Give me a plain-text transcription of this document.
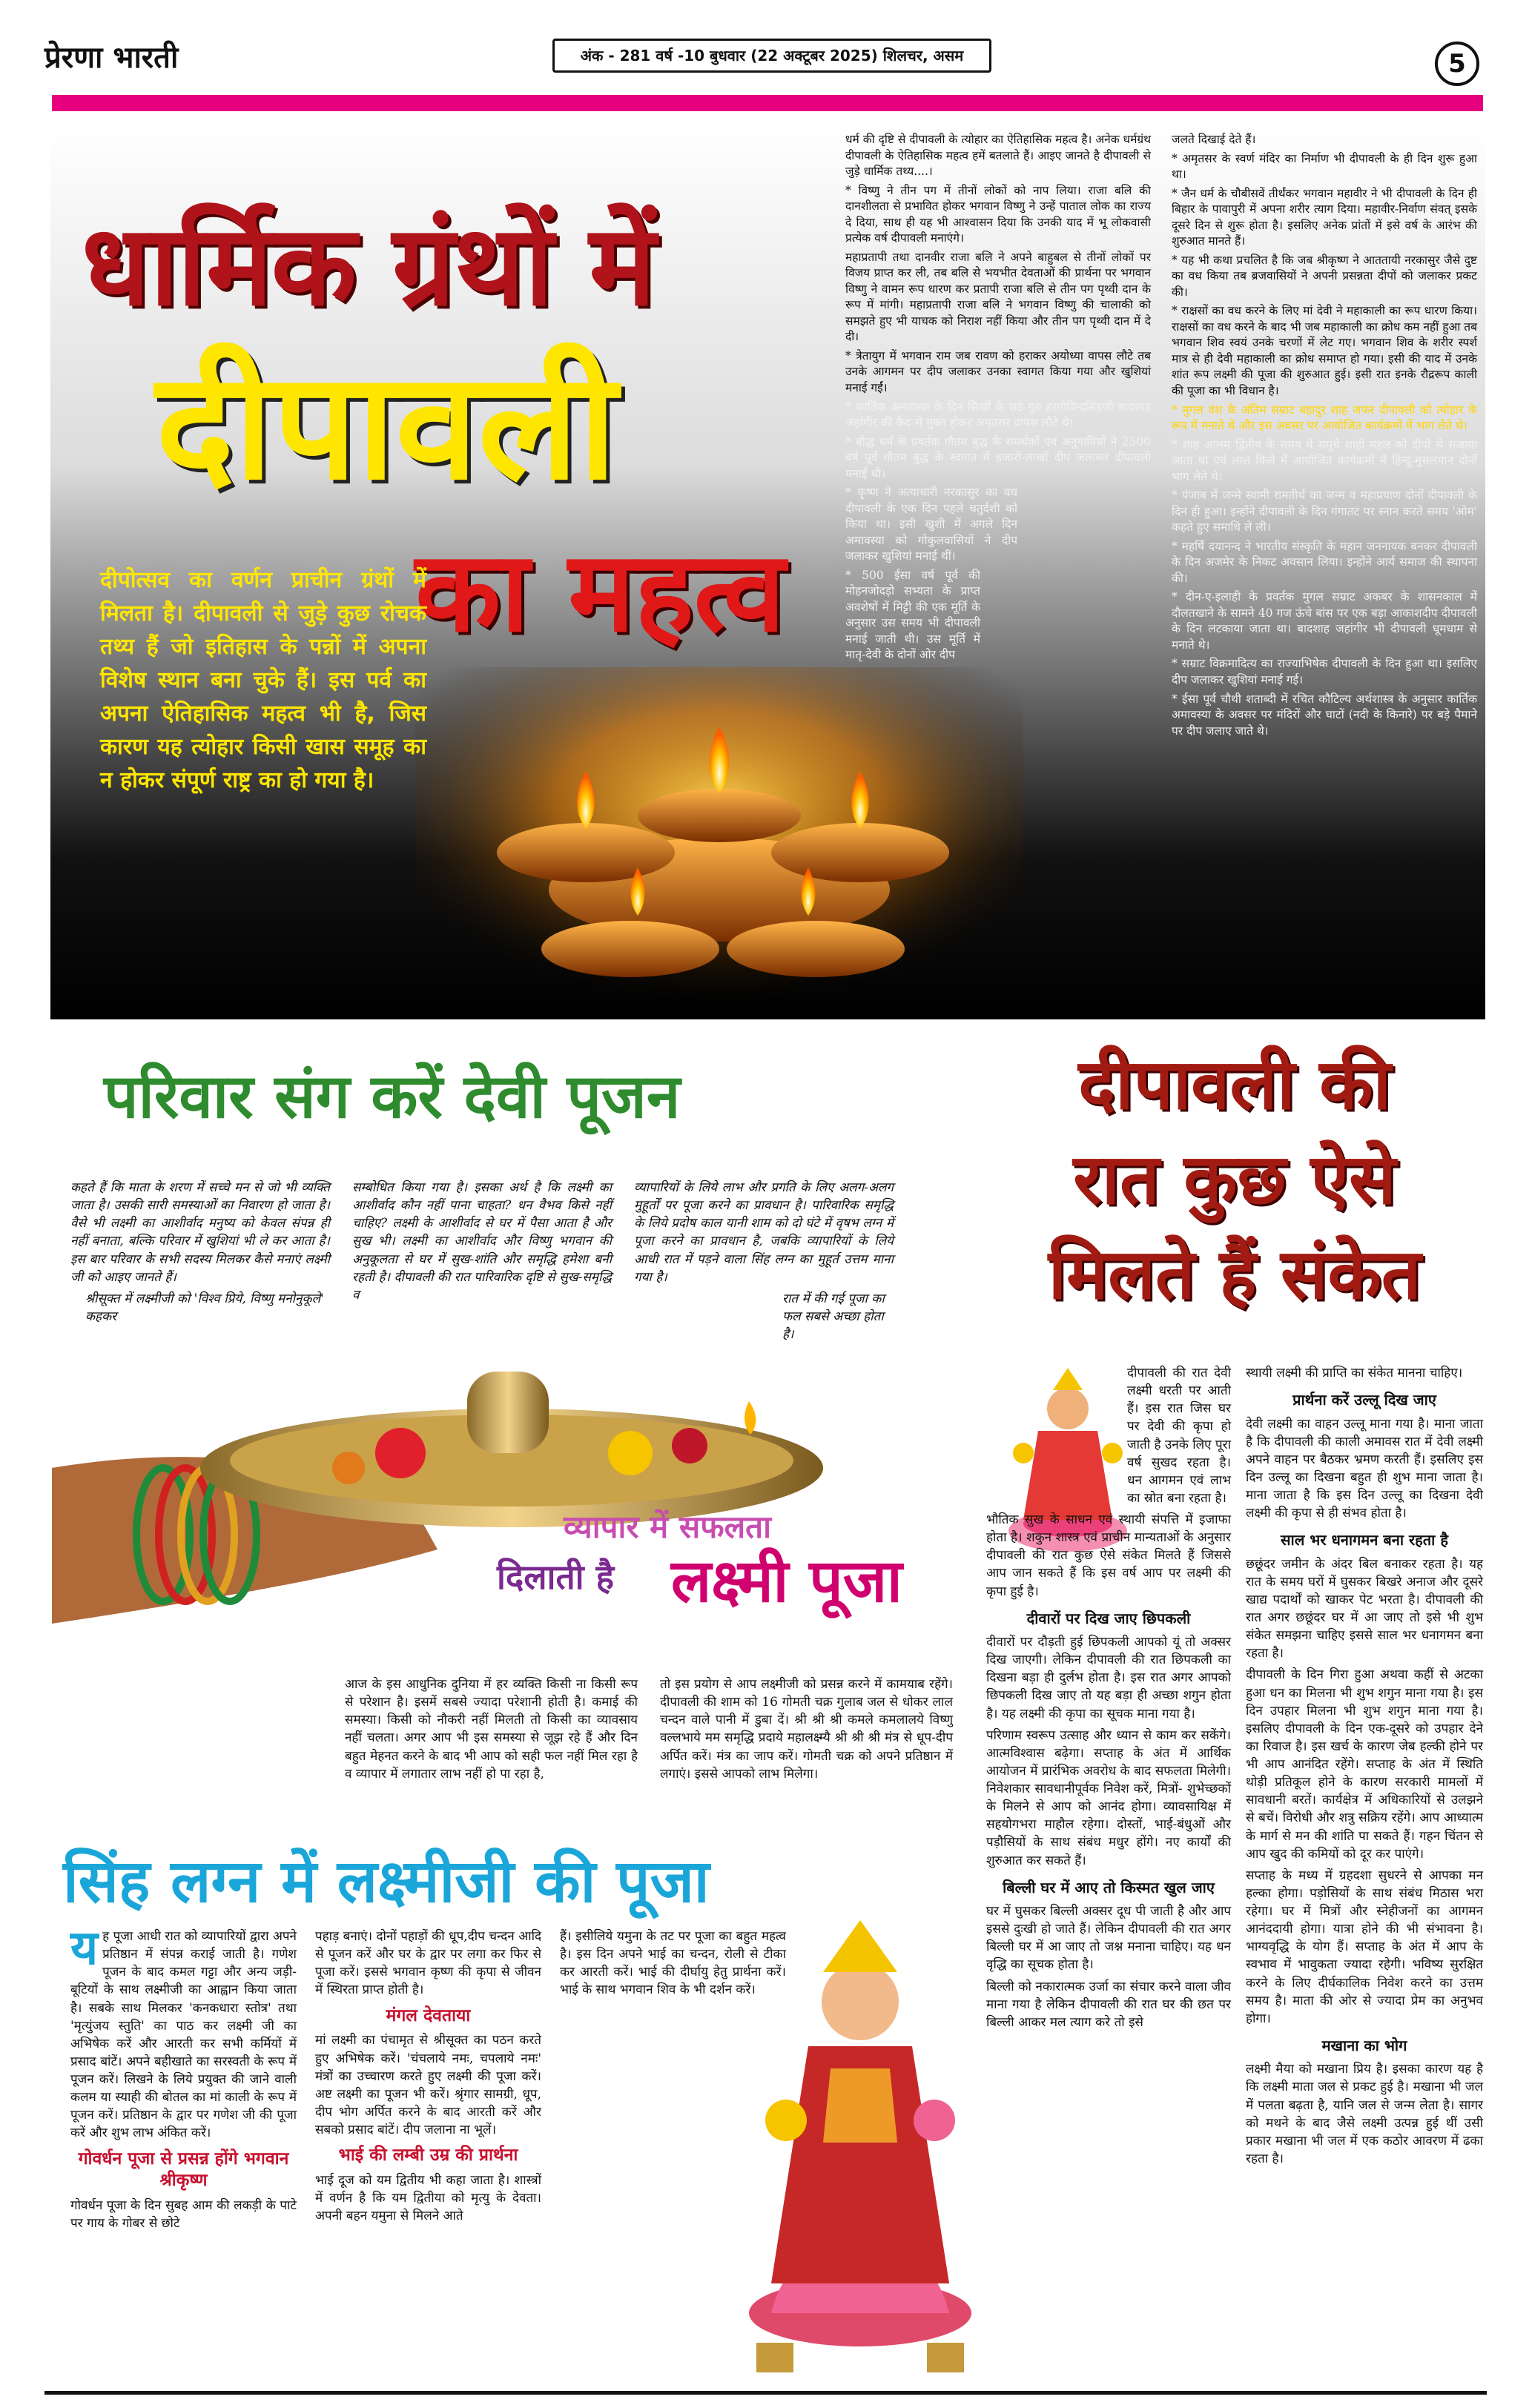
प्रेरणा भारती	अंक - 281 वर्ष -10 बुधवार (22 अक्टूबर 2025) शिलचर, असम	5
धार्मिक ग्रंथों में
दीपावली
का महत्व
दीपोत्सव का वर्णन प्राचीन ग्रंथों में मिलता है। दीपावली से जुड़े कुछ रोचक तथ्य हैं जो इतिहास के पन्नों में अपना विशेष स्थान बना चुके हैं। इस पर्व का अपना ऐतिहासिक महत्व भी है, जिस कारण यह त्योहार किसी खास समूह का न होकर संपूर्ण राष्ट्र का हो गया है।

धर्म की दृष्टि से दीपावली के त्योहार का ऐतिहासिक महत्व है। अनेक धर्मग्रंथ दीपावली के ऐतिहासिक महत्व हमें बतलाते हैं। आइए जानते है दीपावली से जुड़े धार्मिक तथ्य....।

* विष्णु ने तीन पग में तीनों लोकों को नाप लिया। राजा बलि की दानशीलता से प्रभावित होकर भगवान विष्णु ने उन्हें पाताल लोक का राज्य दे दिया, साथ ही यह भी आश्वासन दिया कि उनकी याद में भू लोकवासी प्रत्येक वर्ष दीपावली मनाएंगे।

महाप्रतापी तथा दानवीर राजा बलि ने अपने बाहुबल से तीनों लोकों पर विजय प्राप्त कर ली, तब बलि से भयभीत देवताओं की प्रार्थना पर भगवान विष्णु ने वामन रूप धारण कर प्रतापी राजा बलि से तीन पग पृथ्वी दान के रूप में मांगी। महाप्रतापी राजा बलि ने भगवान विष्णु की चालाकी को समझते हुए भी याचक को निराश नहीं किया और तीन पग पृथ्वी दान में दे दी।

* त्रेतायुग में भगवान राम जब रावण को हराकर अयोध्या वापस लौटे तब उनके आगमन पर दीप जलाकर उनका स्वागत किया गया और खुशियां मनाई गईं।

* कार्तिक अमावस्या के दिन सिखों के छठे गुरु हरगोविन्दसिंहजी बादशाह जहांगीर की कैद से मुक्त होकर अमृतसर वापस लौटे थे।

* बौद्ध धर्म के प्रवर्तक गौतम बुद्ध के समर्थकों एवं अनुयायियों ने 2500 वर्ष पूर्व गौतम बुद्ध के स्वागत में हजारों-लाखों दीप जलाकर दीपावली मनाई थी।

* कृष्ण ने अत्याचारी नरकासुर का वध दीपावली के एक दिन पहले चतुर्दशी को किया था। इसी खुशी में अगले दिन अमावस्या को गोकुलवासियों ने दीप जलाकर खुशियां मनाई थीं।

* 500 ईसा वर्ष पूर्व की मोहनजोदड़ो सभ्यता के प्राप्त अवशेषों में मिट्टी की एक मूर्ति के अनुसार उस समय भी दीपावली मनाई जाती थी। उस मूर्ति में मातृ-देवी के दोनों ओर दीप

जलते दिखाई देते हैं।

* अमृतसर के स्वर्ण मंदिर का निर्माण भी दीपावली के ही दिन शुरू हुआ था।

* जैन धर्म के चौबीसवें तीर्थंकर भगवान महावीर ने भी दीपावली के दिन ही बिहार के पावापुरी में अपना शरीर त्याग दिया। महावीर-निर्वाण संवत्‌ इसके दूसरे दिन से शुरू होता है। इसलिए अनेक प्रांतों में इसे वर्ष के आरंभ की शुरुआत मानते हैं।

* यह भी कथा प्रचलित है कि जब श्रीकृष्ण ने आततायी नरकासुर जैसे दुष्ट का वध किया तब ब्रजवासियों ने अपनी प्रसन्नता दीपों को जलाकर प्रकट की।

* राक्षसों का वध करने के लिए मां देवी ने महाकाली का रूप धारण किया। राक्षसों का वध करने के बाद भी जब महाकाली का क्रोध कम नहीं हुआ तब भगवान शिव स्वयं उनके चरणों में लेट गए। भगवान शिव के शरीर स्पर्श मात्र से ही देवी महाकाली का क्रोध समाप्त हो गया। इसी की याद में उनके शांत रूप लक्ष्मी की पूजा की शुरुआत हुई। इसी रात इनके रौद्ररूप काली की पूजा का भी विधान है।

* मुगल वंश के अंतिम सम्राट बहादुर शाह जफर दीपावली को त्योहार के रूप में मनाते थे और इस अवसर पर आयोजित कार्यक्रमों में भाग लेते थे।

* शाह आलम द्वितीय के समय में समूचे शाही महल को दीपों से सजाया जाता था एवं लाल किले में आयोजित कार्यक्रमों में हिन्दू-मुसलमान दोनों भाग लेते थे।

* पंजाब में जन्मे स्वामी रामतीर्थ का जन्म व महाप्रयाण दोनों दीपावली के दिन ही हुआ। इन्होंने दीपावली के दिन गंगातट पर स्नान करते समय 'ओम' कहते हुए समाधि ले ली।

* महर्षि दयानन्द ने भारतीय संस्कृति के महान जननायक बनकर दीपावली के दिन अजमेर के निकट अवसान लिया। इन्होंने आर्य समाज की स्थापना की।

* दीन-ए-इलाही के प्रवर्तक मुगल सम्राट अकबर के शासनकाल में दौलतखाने के सामने 40 गज ऊंचे बांस पर एक बड़ा आकाशदीप दीपावली के दिन लटकाया जाता था। बादशाह जहांगीर भी दीपावली धूमधाम से मनाते थे।

* सम्राट विक्रमादित्य का राज्याभिषेक दीपावली के दिन हुआ था। इसलिए दीप जलाकर खुशियां मनाई गई।

* ईसा पूर्व चौथी शताब्दी में रचित कौटिल्य अर्थशास्त्र के अनुसार कार्तिक अमावस्या के अवसर पर मंदिरों और घाटों (नदी के किनारे) पर बड़े पैमाने पर दीप जलाए जाते थे।

परिवार संग करें देवी पूजन

कहते हैं कि माता के शरण में सच्चे मन से जो भी व्यक्ति जाता है। उसकी सारी समस्याओं का निवारण हो जाता है। वैसे भी लक्ष्मी का आशीर्वाद मनुष्य को केवल संपन्न ही नहीं बनाता, बल्कि परिवार में खुशियां भी ले कर आता है। इस बार परिवार के सभी सदस्य मिलकर कैसे मनाएं लक्ष्मी जी को आइए जानते हैं।

श्रीसूक्त में लक्ष्मीजी को 'विश्व प्रिये, विष्णु मनोनुकूले' कहकर

सम्बोधित किया गया है। इसका अर्थ है कि लक्ष्मी का आशीर्वाद कौन नहीं पाना चाहता? धन वैभव किसे नहीं चाहिए? लक्ष्मी के आशीर्वाद से घर में पैसा आता है और सुख भी। लक्ष्मी का आशीर्वाद और विष्णु भगवान की अनुकूलता से घर में सुख-शांति और समृद्धि हमेशा बनी रहती है। दीपावली की रात पारिवारिक दृष्टि से सुख-समृद्धि व

व्यापारियों के लिये लाभ और प्रगति के लिए अलग-अलग मुहूर्तों पर पूजा करने का प्रावधान है। पारिवारिक समृद्धि के लिये प्रदोष काल यानी शाम को दो घंटे में वृषभ लग्न में पूजा करने का प्रावधान है, जबकि व्यापारियों के लिये आधी रात में पड़ने वाला सिंह लग्न का मुहूर्त उत्तम माना गया है।

रात में की गई पूजा का फल सबसे अच्छा होता है।

व्यापार में सफलता
दिलाती है लक्ष्मी पूजा
आज के इस आधुनिक दुनिया में हर व्यक्ति किसी ना किसी रूप से परेशान है। इसमें सबसे ज्यादा परेशानी होती है। कमाई की समस्या। किसी को नौकरी नहीं मिलती तो किसी का व्यावसाय नहीं चलता। अगर आप भी इस समस्या से जूझ रहे हैं और दिन बहुत मेहनत करने के बाद भी आप को सही फल नहीं मिल रहा है व व्यापार में लगातार लाभ नहीं हो पा रहा है,
तो इस प्रयोग से आप लक्ष्मीजी को प्रसन्न करने में कामयाब रहेंगे। दीपावली की शाम को 16 गोमती चक्र गुलाब जल से धोकर लाल चन्दन वाले पानी में डुबा दें। श्री श्री श्री कमले कमलालये विष्णु वल्लभाये मम समृद्धि प्रदाये महालक्ष्म्यै श्री श्री श्री मंत्र से धूप-दीप अर्पित करें। मंत्र का जाप करें। गोमती चक्र को अपने प्रतिष्ठान में लगाएं। इससे आपको लाभ मिलेगा।
दीपावली की
रात कुछ ऐसे
मिलते हैं संकेत

दीपावली की रात देवी लक्ष्मी धरती पर आती हैं। इस रात जिस घर पर देवी की कृपा हो जाती है उनके लिए पूरा वर्ष सुखद रहता है। धन आगमन एवं लाभ का स्रोत बना रहता है।

भौतिक सुख के साधन एवं स्थायी संपत्ति में इजाफा होता है। शकुन शास्त्र एवं प्राचीन मान्यताओं के अनुसार दीपावली की रात कुछ ऐसे संकेत मिलते हैं जिससे आप जान सकते हैं कि इस वर्ष आप पर लक्ष्मी की कृपा हुई है।

दीवारों पर दिख जाए छिपकली

दीवारों पर दौड़ती हुई छिपकली आपको यूं तो अक्सर दिख जाएगी। लेकिन दीपावली की रात छिपकली का दिखना बड़ा ही दुर्लभ होता है। इस रात अगर आपको छिपकली दिख जाए तो यह बड़ा ही अच्छा शगुन होता है। यह लक्ष्मी की कृपा का सूचक माना गया है।

परिणाम स्वरूप उत्साह और ध्यान से काम कर सकेंगे। आत्मविश्वास बढ़ेगा। सप्ताह के अंत में आर्थिक आयोजन में प्रारंभिक अवरोध के बाद सफलता मिलेगी। निवेशकार सावधानीपूर्वक निवेश करें, मित्रों- शुभेच्छकों के मिलने से आप को आनंद होगा। व्यावसायिक्ष में सहयोगभरा माहौल रहेगा। दोस्तों, भाई-बंधुओं और पड़ौसियों के साथ संबंध मधुर होंगे। नए कार्यों की शुरुआत कर सकते हैं।

बिल्ली घर में आए तो किस्मत खुल जाए

घर में घुसकर बिल्ली अक्सर दूध पी जाती है और आप इससे दुःखी हो जाते हैं। लेकिन दीपावली की रात अगर बिल्ली घर में आ जाए तो जश्न मनाना चाहिए। यह धन वृद्धि का सूचक होता है।

बिल्ली को नकारात्मक उर्जा का संचार करने वाला जीव माना गया है लेकिन दीपावली की रात घर की छत पर बिल्ली आकर मल त्याग करे तो इसे

स्थायी लक्ष्मी की प्राप्ति का संकेत मानना चाहिए।

प्रार्थना करें उल्लू दिख जाए

देवी लक्ष्मी का वाहन उल्लू माना गया है। माना जाता है कि दीपावली की काली अमावस रात में देवी लक्ष्मी अपने वाहन पर बैठकर भ्रमण करती हैं। इसलिए इस दिन उल्लू का दिखना बहुत ही शुभ माना जाता है। माना जाता है कि इस दिन उल्लू का दिखना देवी लक्ष्मी की कृपा से ही संभव होता है।

साल भर धनागमन बना रहता है

छछूंदर जमीन के अंदर बिल बनाकर रहता है। यह रात के समय घरों में घुसकर बिखरे अनाज और दूसरे खाद्य पदार्थों को खाकर पेट भरता है। दीपावली की रात अगर छछूंदर घर में आ जाए तो इसे भी शुभ संकेत समझना चाहिए इससे साल भर धनागमन बना रहता है।

दीपावली के दिन गिरा हुआ अथवा कहीं से अटका हुआ धन का मिलना भी शुभ शगुन माना गया है। इस दिन उपहार मिलना भी शुभ शगुन माना गया है। इसलिए दीपावली के दिन एक-दूसरे को उपहार देने का रिवाज है। इस खर्च के कारण जेब हल्की होने पर भी आप आनंदित रहेंगे। सप्ताह के अंत में स्थिति थोड़ी प्रतिकूल होने के कारण सरकारी मामलों में सावधानी बरतें। कार्यक्षेत्र में अधिकारियों से उलझने से बचें। विरोधी और शत्रु सक्रिय रहेंगे। आप आध्यात्म के मार्ग से मन की शांति पा सकते हैं। गहन चिंतन से आप खुद की कमियों को दूर कर पाएंगे।

सप्ताह के मध्य में ग्रहदशा सुधरने से आपका मन हल्का होगा। पड़ोसियों के साथ संबंध मिठास भरा रहेगा। घर में मित्रों और स्नेहीजनों का आगमन आनंददायी होगा। यात्रा होने की भी संभावना है। भाग्यवृद्धि के योग हैं। सप्ताह के अंत में आप के स्वभाव में भावुकता ज्यादा रहेगी। भविष्य सुरक्षित करने के लिए दीर्घकालिक निवेश करने का उत्तम समय है। माता की ओर से ज्यादा प्रेम का अनुभव होगा।

मखाना का भोग

लक्ष्मी मैया को मखाना प्रिय है। इसका कारण यह है कि लक्ष्मी माता जल से प्रकट हुई है। मखाना भी जल में पलता बढ़ता है, यानि जल से जन्म लेता है। सागर को मथने के बाद जैसे लक्ष्मी उत्पन्न हुई थीं उसी प्रकार मखाना भी जल में एक कठोर आवरण में ढका रहता है।

सिंह लग्न में लक्ष्मीजी की पूजा

यह पूजा आधी रात को व्यापारियों द्वारा अपने प्रतिष्ठान में संपन्न कराई जाती है। गणेश पूजन के बाद कमल गट्टा और अन्य जड़ी-बूटियों के साथ लक्ष्मीजी का आह्वान किया जाता है। सबके साथ मिलकर 'कनकधारा स्तोत्र' तथा 'मृत्युंजय स्तुति' का पाठ कर लक्ष्मी जी का अभिषेक करें और आरती कर सभी कर्मियों में प्रसाद बांटें। अपने बहीखाते का सरस्वती के रूप में पूजन करें। लिखने के लिये प्रयुक्त की जाने वाली कलम या स्याही की बोतल का मां काली के रूप में पूजन करें। प्रतिष्ठान के द्वार पर गणेश जी की पूजा करें और शुभ लाभ अंकित करें।

गोवर्धन पूजा से प्रसन्न होंगे भगवान श्रीकृष्ण

गोवर्धन पूजा के दिन सुबह आम की लकड़ी के पाटे पर गाय के गोबर से छोटे

पहाड़ बनाएं। दोनों पहाड़ों की धूप,दीप चन्दन आदि से पूजन करें और घर के द्वार पर लगा कर फिर से पूजा करें। इससे भगवान कृष्ण की कृपा से जीवन में स्थिरता प्राप्त होती है।

मंगल देवताया

मां लक्ष्मी का पंचामृत से श्रीसूक्त का पठन करते हुए अभिषेक करें। 'चंचलाये नमः, चपलाये नमः' मंत्रों का उच्चारण करते हुए लक्ष्मी की पूजा करें। अष्ट लक्ष्मी का पूजन भी करें। श्रृंगार सामग्री, धूप, दीप भोग अर्पित करने के बाद आरती करें और सबको प्रसाद बांटें। दीप जलाना ना भूलें।

भाई की लम्बी उम्र की प्रार्थना

भाई दूज को यम द्वितीय भी कहा जाता है। शास्त्रों में वर्णन है कि यम द्वितीया को मृत्यु के देवता। अपनी बहन यमुना से मिलने आते

हैं। इसीलिये यमुना के तट पर पूजा का बहुत महत्व है। इस दिन अपने भाई का चन्दन, रोली से टीका कर आरती करें। भाई की दीर्घायु हेतु प्रार्थना करें। भाई के साथ भगवान शिव के भी दर्शन करें।
